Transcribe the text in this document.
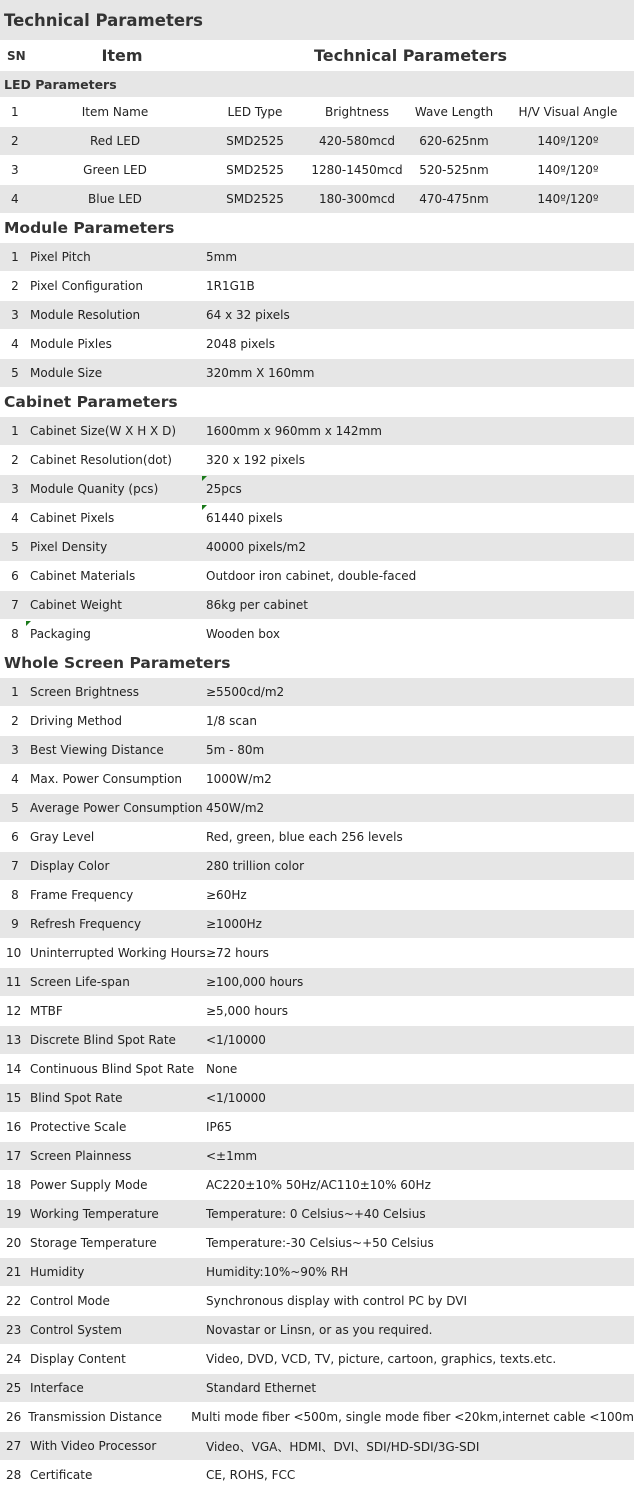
Technical Parameters
SN	Item	Technical Parameters
LED Parameters
1	Item Name	LED Type	Brightness	Wave Length	H/V Visual Angle
2	Red LED	SMD2525	420-580mcd	620-625nm	140º/120º
3	Green LED	SMD2525	1280-1450mcd	520-525nm	140º/120º
4	Blue LED	SMD2525	180-300mcd	470-475nm	140º/120º
Module Parameters
1 Pixel Pitch	5mm
2 Pixel Configuration	1R1G1B
3 Module Resolution	64 x 32 pixels
4 Module Pixles	2048 pixels
5 Module Size	320mm X 160mm
Cabinet Parameters
1 Cabinet Size(W X H X D)	1600mm x 960mm x 142mm
2 Cabinet Resolution(dot)	320 x 192 pixels
3 Module Quanity (pcs)	25pcs
4 Cabinet Pixels	61440 pixels
5 Pixel Density	40000 pixels/m2
6 Cabinet Materials	Outdoor iron cabinet, double-faced
7 Cabinet Weight	86kg per cabinet
8 Packaging	Wooden box
Whole Screen Parameters
1 Screen Brightness	≥5500cd/m2
2 Driving Method	1/8 scan
3 Best Viewing Distance	5m - 80m
4 Max. Power Consumption	1000W/m2
5 Average Power Consumption 450W/m2
6 Gray Level	Red, green, blue each 256 levels
7 Display Color	280 trillion color
8 Frame Frequency	≥60Hz
9 Refresh Frequency	≥1000Hz
10 Uninterrupted Working Hours ≥72 hours
11 Screen Life-span	≥100,000 hours
12 MTBF	≥5,000 hours
13 Discrete Blind Spot Rate	<1/10000
14 Continuous Blind Spot Rate None
15 Blind Spot Rate	<1/10000
16 Protective Scale	IP65
17 Screen Plainness	<±1mm
18 Power Supply Mode	AC220±10% 50Hz/AC110±10% 60Hz
19 Working Temperature	Temperature: 0 Celsius~+40 Celsius
20 Storage Temperature	Temperature:-30 Celsius~+50 Celsius
21 Humidity	Humidity:10%~90% RH
22 Control Mode	Synchronous display with control PC by DVI
23 Control System	Novastar or Linsn, or as you required.
24 Display Content	Video, DVD, VCD, TV, picture, cartoon, graphics, texts.etc.
25 Interface	Standard Ethernet
26 Transmission Distance	Multi mode fiber <500m, single mode fiber <20km,internet cable <100m
27 With Video Processor	Video、VGA、HDMI、DVI、SDI/HD-SDI/3G-SDI
28 Certificate	CE, ROHS, FCC
